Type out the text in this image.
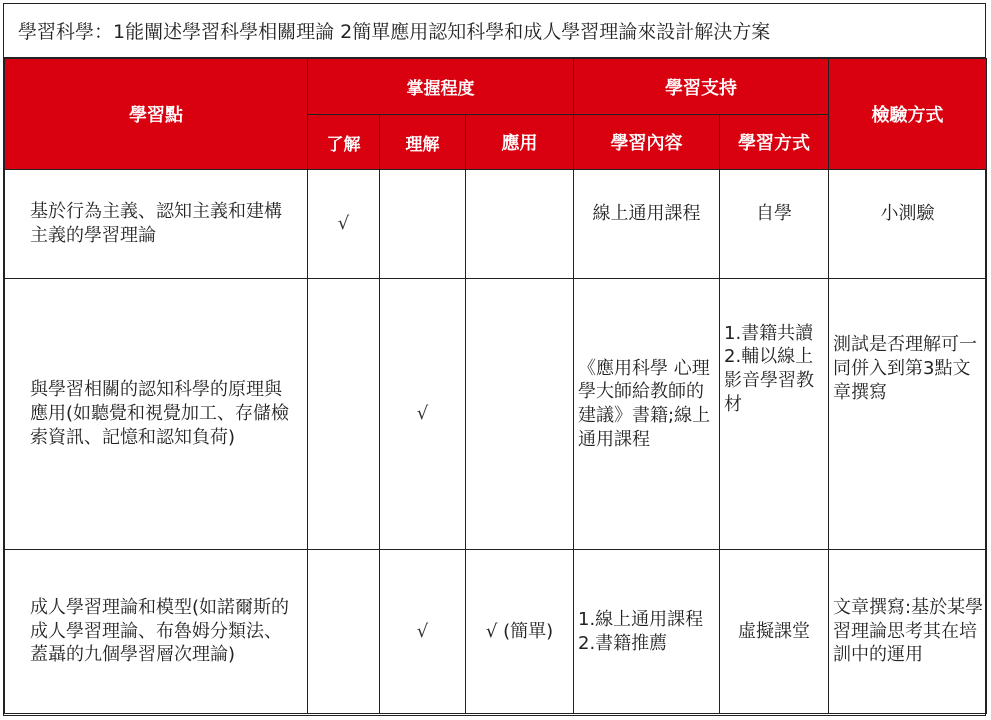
學習科學：1能闡述學習科學相關理論 2簡單應用認知科學和成人學習理論來設計解決方案
學習點	掌握程度			學習支持		檢驗方式
	了解	理解	應用	學習內容	學習方式	
基於行為主義、認知主義和建構主義的學習理論	√			線上通用課程	自學	小測驗
與學習相關的認知科學的原理與應用(如聽覺和視覺加工、存儲檢索資訊、記憶和認知負荷)		√		《應用科學 心理學大師給教師的建議》書籍;線上通用課程	1.書籍共讀2.輔以線上影音學習教材	測試是否理解可一同併入到第3點文章撰寫

成人學習理論和模型(如諾爾斯的成人學習理論、布魯姆分類法、蓋聶的九個學習層次理論)		√	√ (簡單)	1.線上通用課程2.書籍推薦	虛擬課堂	文章撰寫:基於某學習理論思考其在培訓中的運用
